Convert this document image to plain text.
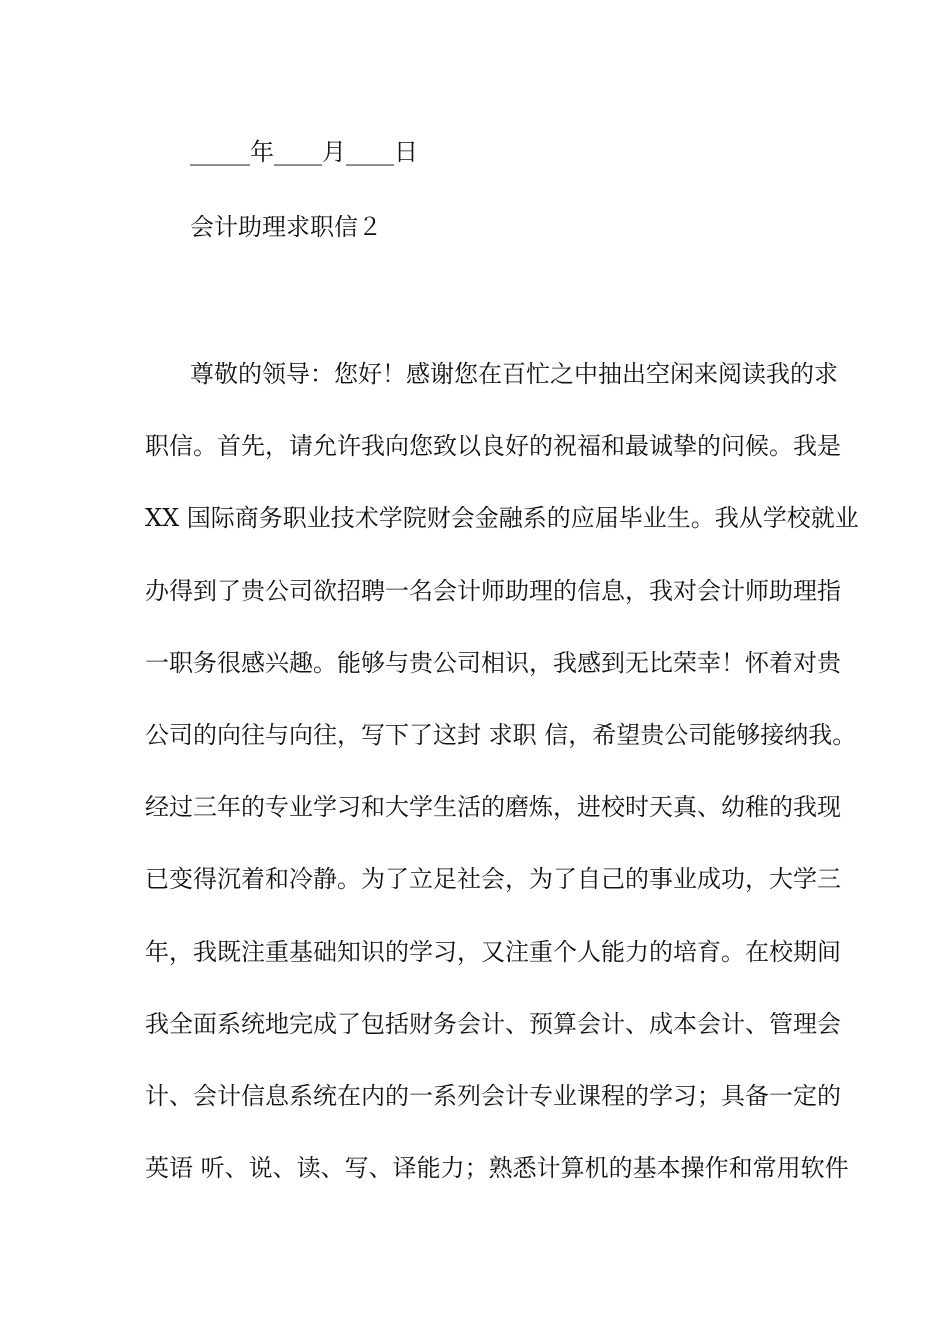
_____年____月____日
会计助理求职信２
尊敬的领导：您好！感谢您在百忙之中抽出空闲来阅读我的求
职信。首先，请允许我向您致以良好的祝福和最诚挚的问候。我是
XX 国际商务职业技术学院财会金融系的应届毕业生。我从学校就业
办得到了贵公司欲招聘一名会计师助理的信息，我对会计师助理指
一职务很感兴趣。能够与贵公司相识，我感到无比荣幸！怀着对贵
公司的向往与向往，写下了这封 求职 信，希望贵公司能够接纳我。
经过三年的专业学习和大学生活的磨炼，进校时天真、幼稚的我现
已变得沉着和冷静。为了立足社会，为了自己的事业成功，大学三
年，我既注重基础知识的学习，又注重个人能力的培育。在校期间
我全面系统地完成了包括财务会计、预算会计、成本会计、管理会
计、会计信息系统在内的一系列会计专业课程的学习；具备一定的
英语 听、说、读、写、译能力；熟悉计算机的基本操作和常用软件
